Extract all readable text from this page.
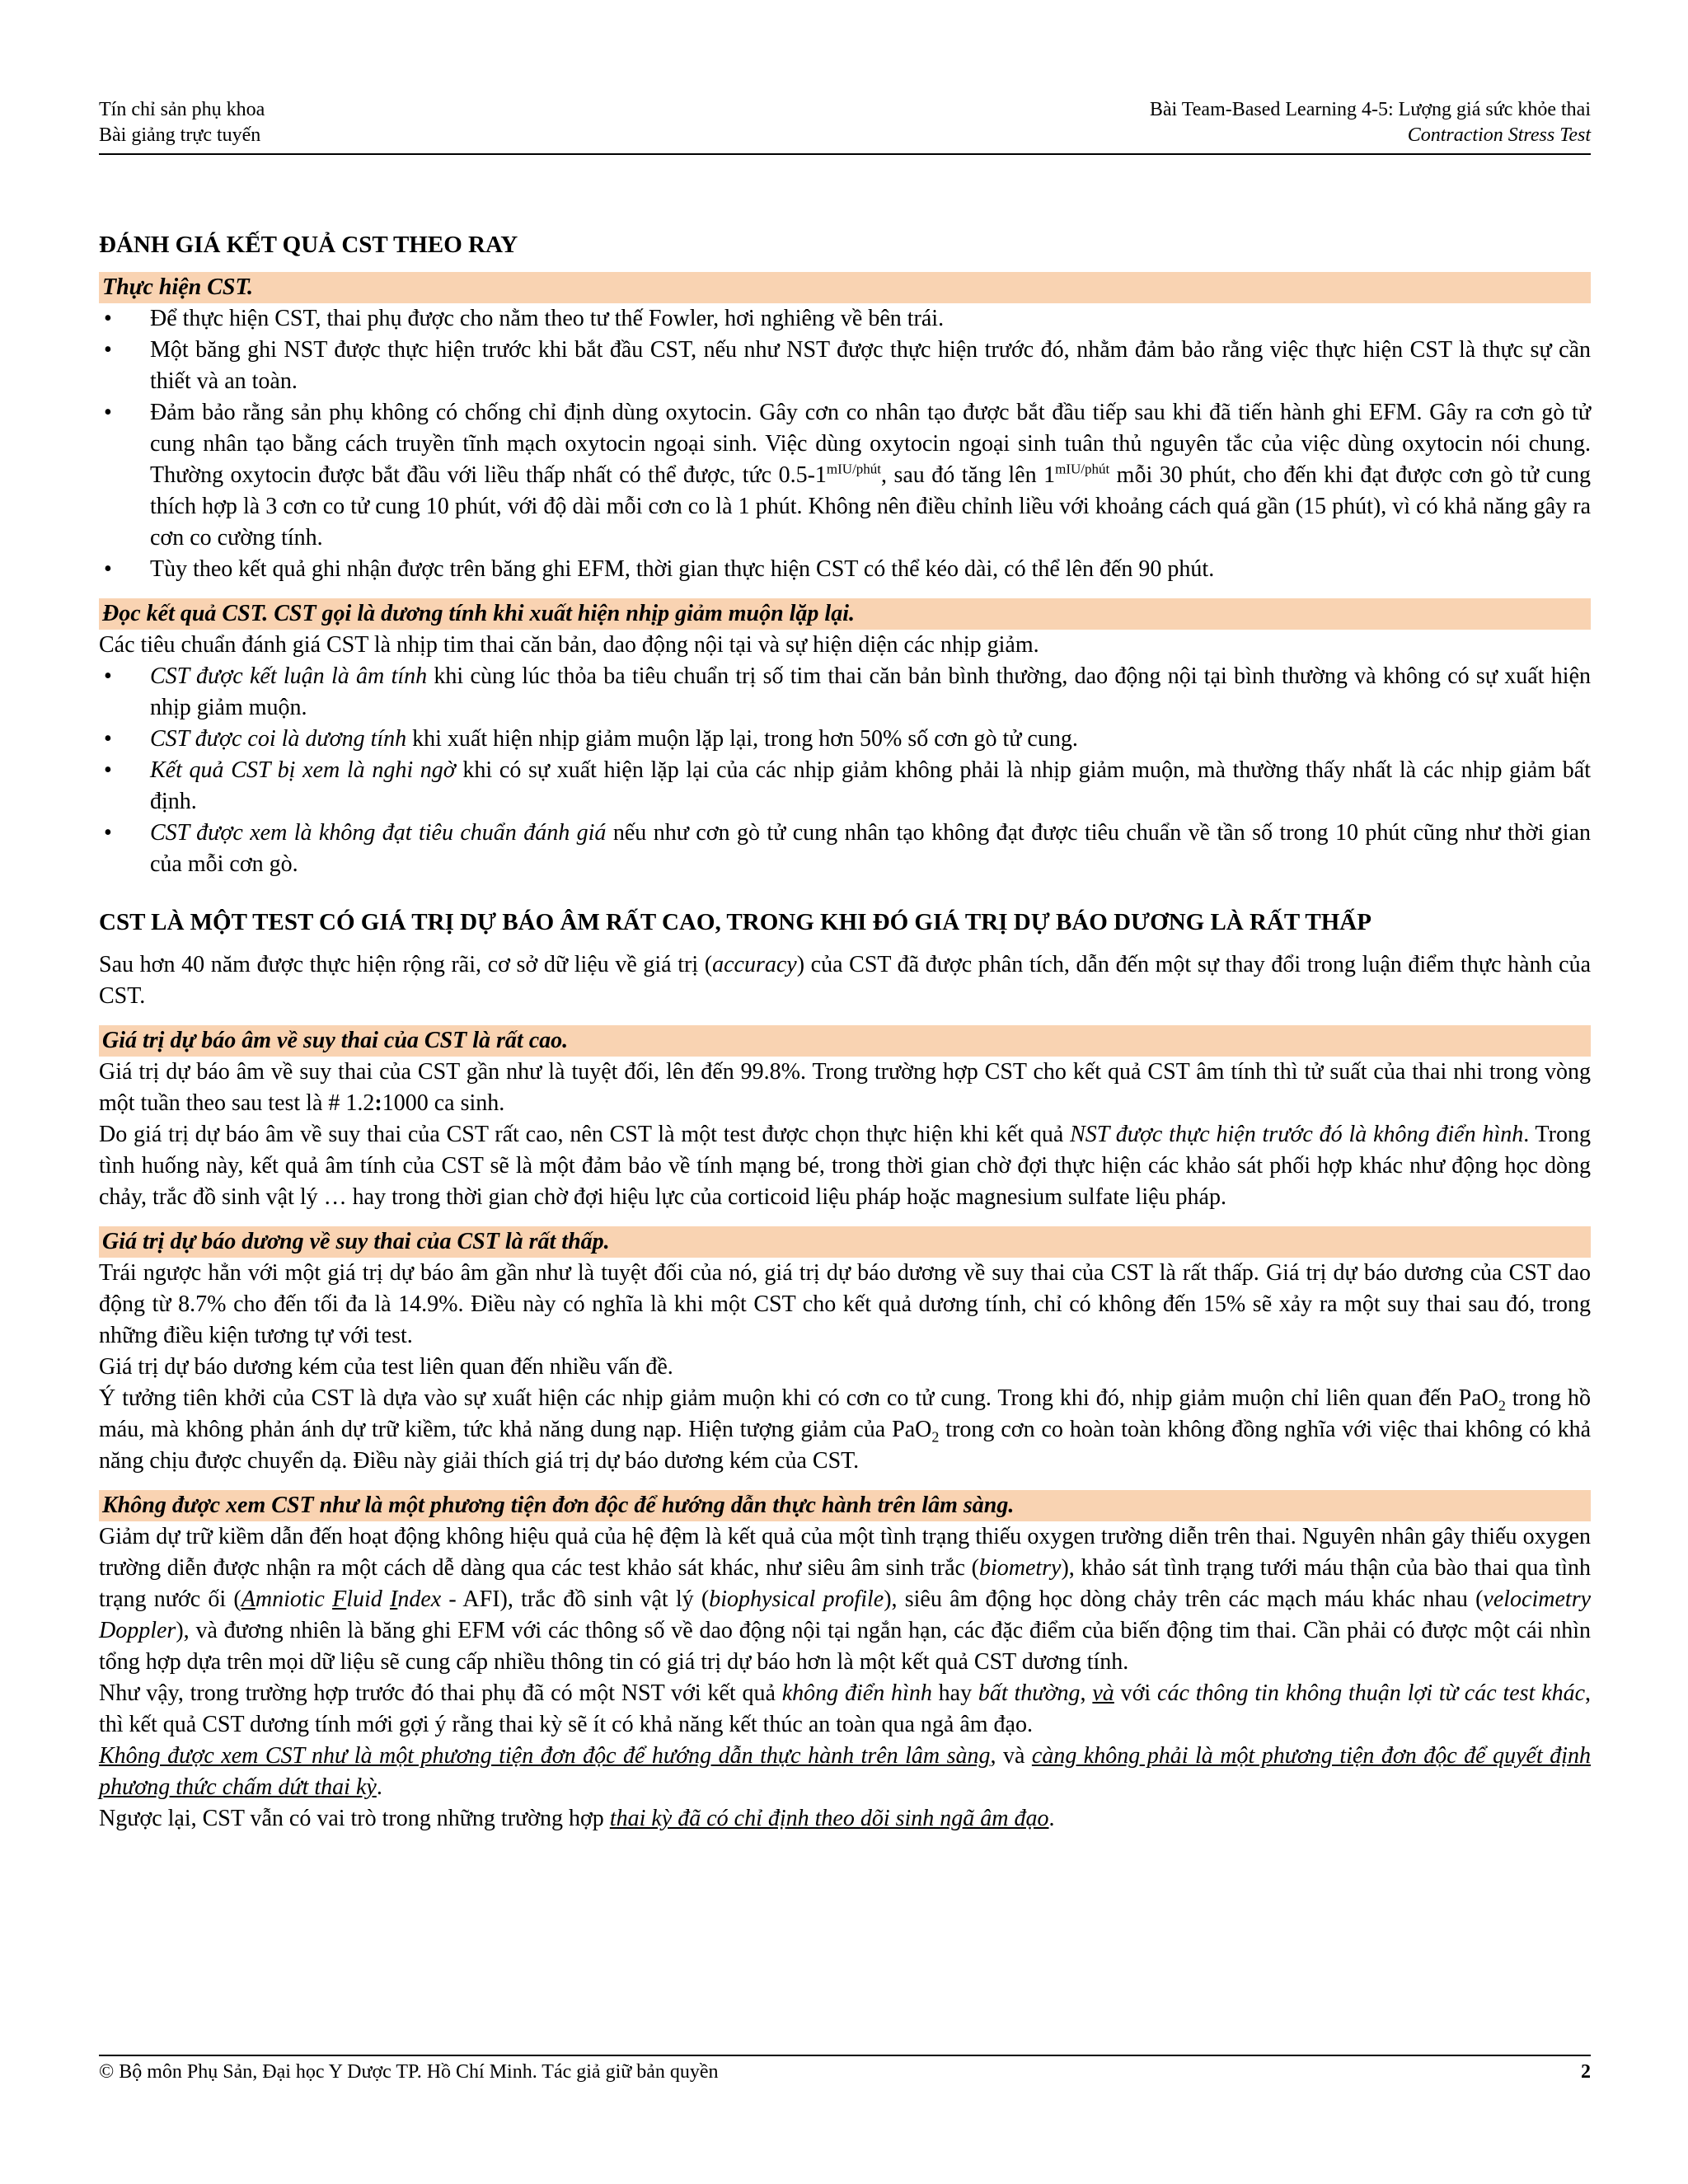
Tín chỉ sản phụ khoa
Bài giảng trực tuyến
Bài Team-Based Learning 4-5: Lượng giá sức khỏe thai
Contraction Stress Test
ĐÁNH GIÁ KẾT QUẢ CST THEO RAY
Thực hiện CST.
• Để thực hiện CST, thai phụ được cho nằm theo tư thế Fowler, hơi nghiêng về bên trái.
• Một băng ghi NST được thực hiện trước khi bắt đầu CST, nếu như NST được thực hiện trước đó, nhằm đảm bảo rằng việc thực hiện CST là thực sự cần thiết và an toàn.
• Đảm bảo rằng sản phụ không có chống chỉ định dùng oxytocin. Gây cơn co nhân tạo được bắt đầu tiếp sau khi đã tiến hành ghi EFM. Gây ra cơn gò tử cung nhân tạo bằng cách truyền tĩnh mạch oxytocin ngoại sinh. Việc dùng oxytocin ngoại sinh tuân thủ nguyên tắc của việc dùng oxytocin nói chung. Thường oxytocin được bắt đầu với liều thấp nhất có thể được, tức $0.5-1^{mIU/phút}$, sau đó tăng lên $1^{mIU/phút}$ mỗi 30 phút, cho đến khi đạt được cơn gò tử cung thích hợp là 3 cơn co tử cung 10 phút, với độ dài mỗi cơn co là 1 phút. Không nên điều chỉnh liều với khoảng cách quá gần (15 phút), vì có khả năng gây ra cơn co cường tính.
• Tùy theo kết quả ghi nhận được trên băng ghi EFM, thời gian thực hiện CST có thể kéo dài, có thể lên đến 90 phút.
Đọc kết quả CST. CST gọi là dương tính khi xuất hiện nhịp giảm muộn lặp lại.

Các tiêu chuẩn đánh giá CST là nhịp tim thai căn bản, dao động nội tại và sự hiện diện các nhịp giảm.

• CST được kết luận là âm tính khi cùng lúc thỏa ba tiêu chuẩn trị số tim thai căn bản bình thường, dao động nội tại bình thường và không có sự xuất hiện nhịp giảm muộn.
• CST được coi là dương tính khi xuất hiện nhịp giảm muộn lặp lại, trong hơn 50% số cơn gò tử cung.
• Kết quả CST bị xem là nghi ngờ khi có sự xuất hiện lặp lại của các nhịp giảm không phải là nhịp giảm muộn, mà thường thấy nhất là các nhịp giảm bất định.
• CST được xem là không đạt tiêu chuẩn đánh giá nếu như cơn gò tử cung nhân tạo không đạt được tiêu chuẩn về tần số trong 10 phút cũng như thời gian của mỗi cơn gò.
CST LÀ MỘT TEST CÓ GIÁ TRỊ DỰ BÁO ÂM RẤT CAO, TRONG KHI ĐÓ GIÁ TRỊ DỰ BÁO DƯƠNG LÀ RẤT THẤP

Sau hơn 40 năm được thực hiện rộng rãi, cơ sở dữ liệu về giá trị (accuracy) của CST đã được phân tích, dẫn đến một sự thay đổi trong luận điểm thực hành của CST.

Giá trị dự báo âm về suy thai của CST là rất cao.

Giá trị dự báo âm về suy thai của CST gần như là tuyệt đối, lên đến 99.8%. Trong trường hợp CST cho kết quả CST âm tính thì tử suất của thai nhi trong vòng một tuần theo sau test là # 1.2:1000 ca sinh.

Do giá trị dự báo âm về suy thai của CST rất cao, nên CST là một test được chọn thực hiện khi kết quả NST được thực hiện trước đó là không điển hình. Trong tình huống này, kết quả âm tính của CST sẽ là một đảm bảo về tính mạng bé, trong thời gian chờ đợi thực hiện các khảo sát phối hợp khác như động học dòng chảy, trắc đồ sinh vật lý … hay trong thời gian chờ đợi hiệu lực của corticoid liệu pháp hoặc magnesium sulfate liệu pháp.

Giá trị dự báo dương về suy thai của CST là rất thấp.

Trái ngược hẳn với một giá trị dự báo âm gần như là tuyệt đối của nó, giá trị dự báo dương về suy thai của CST là rất thấp. Giá trị dự báo dương của CST dao động từ 8.7% cho đến tối đa là 14.9%. Điều này có nghĩa là khi một CST cho kết quả dương tính, chỉ có không đến 15% sẽ xảy ra một suy thai sau đó, trong những điều kiện tương tự với test.

Giá trị dự báo dương kém của test liên quan đến nhiều vấn đề.

Ý tưởng tiên khởi của CST là dựa vào sự xuất hiện các nhịp giảm muộn khi có cơn co tử cung. Trong khi đó, nhịp giảm muộn chỉ liên quan đến PaO$_2$ trong hồ máu, mà không phản ánh dự trữ kiềm, tức khả năng dung nạp. Hiện tượng giảm của PaO$_2$ trong cơn co hoàn toàn không đồng nghĩa với việc thai không có khả năng chịu được chuyển dạ. Điều này giải thích giá trị dự báo dương kém của CST.

Không được xem CST như là một phương tiện đơn độc để hướng dẫn thực hành trên lâm sàng.

Giảm dự trữ kiềm dẫn đến hoạt động không hiệu quả của hệ đệm là kết quả của một tình trạng thiếu oxygen trường diễn trên thai. Nguyên nhân gây thiếu oxygen trường diễn được nhận ra một cách dễ dàng qua các test khảo sát khác, như siêu âm sinh trắc (biometry), khảo sát tình trạng tưới máu thận của bào thai qua tình trạng nước ối (Amniotic Fluid Index - AFI), trắc đồ sinh vật lý (biophysical profile), siêu âm động học dòng chảy trên các mạch máu khác nhau (velocimetry Doppler), và đương nhiên là băng ghi EFM với các thông số về dao động nội tại ngắn hạn, các đặc điểm của biến động tim thai. Cần phải có được một cái nhìn tổng hợp dựa trên mọi dữ liệu sẽ cung cấp nhiều thông tin có giá trị dự báo hơn là một kết quả CST dương tính.

Như vậy, trong trường hợp trước đó thai phụ đã có một NST với kết quả không điển hình hay bất thường, và với các thông tin không thuận lợi từ các test khác, thì kết quả CST dương tính mới gợi ý rằng thai kỳ sẽ ít có khả năng kết thúc an toàn qua ngả âm đạo.

Không được xem CST như là một phương tiện đơn độc để hướng dẫn thực hành trên lâm sàng, và càng không phải là một phương tiện đơn độc để quyết định phương thức chấm dứt thai kỳ.

Ngược lại, CST vẫn có vai trò trong những trường hợp thai kỳ đã có chỉ định theo dõi sinh ngã âm đạo.

© Bộ môn Phụ Sản, Đại học Y Dược TP. Hồ Chí Minh. Tác giả giữ bản quyền	2
